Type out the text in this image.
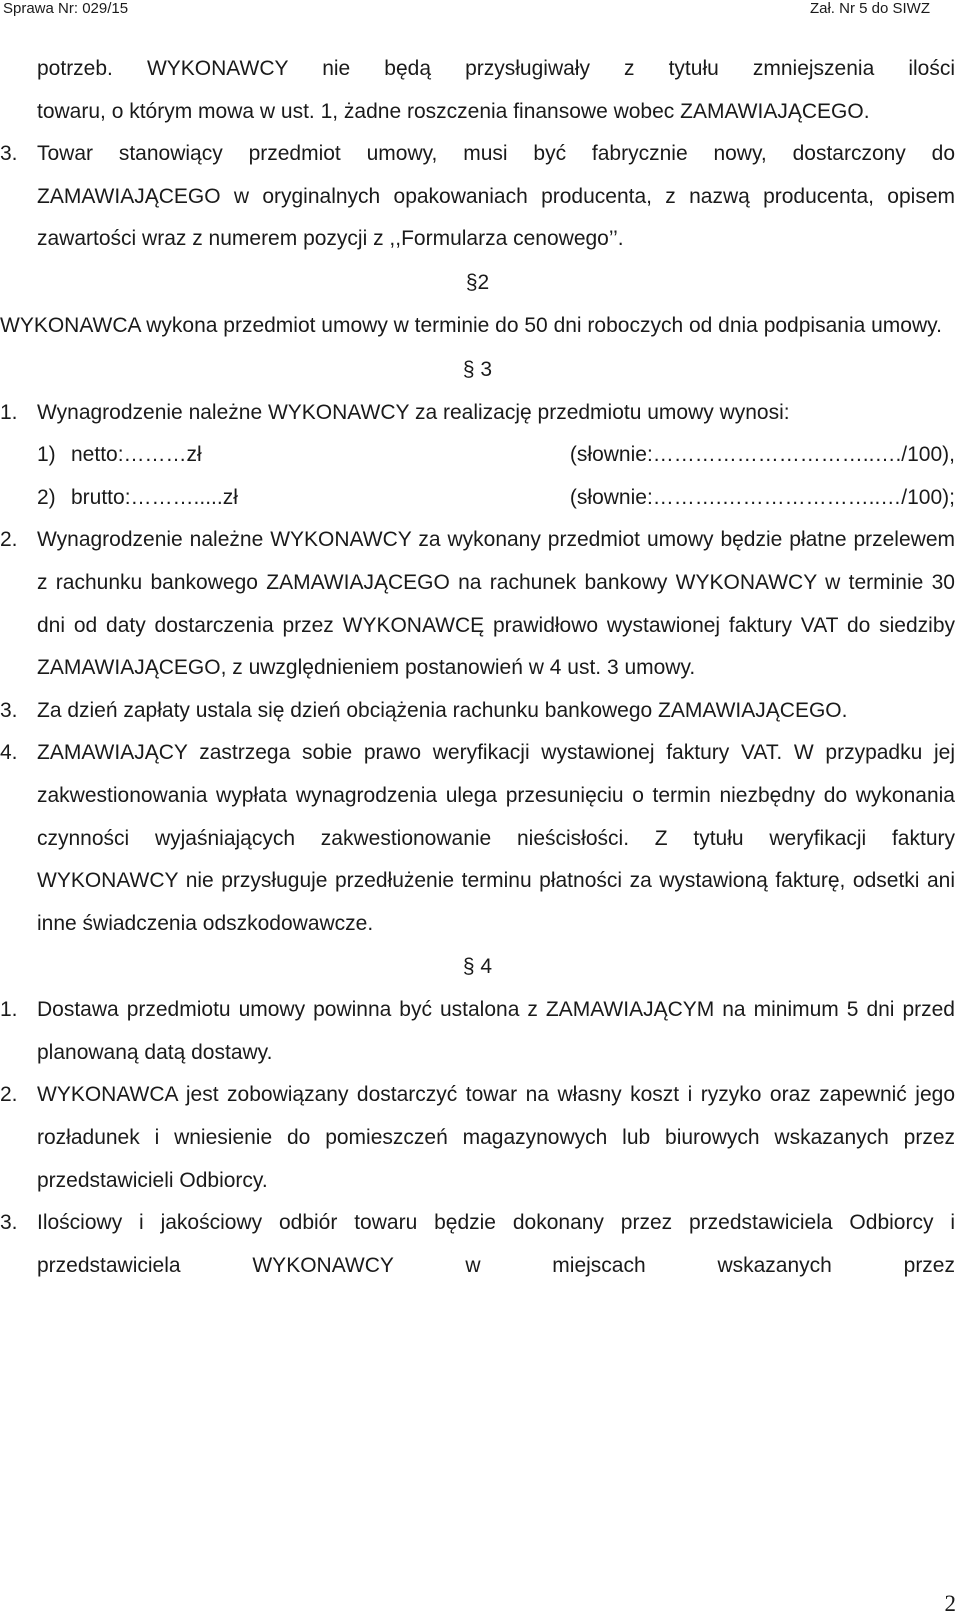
Sprawa Nr: 029/15	Zał. Nr 5 do SIWZ
potrzeb. WYKONAWCY nie będą przysługiwały z tytułu zmniejszenia ilości
towaru, o którym mowa w ust. 1, żadne roszczenia finansowe wobec ZAMAWIAJĄCEGO.
3. Towar stanowiący przedmiot umowy, musi być fabrycznie nowy, dostarczony do ZAMAWIAJĄCEGO w oryginalnych opakowaniach producenta, z nazwą producenta, opisem zawartości wraz z numerem pozycji z ,,Formularza cenowego’’.
§2
WYKONAWCA wykona przedmiot umowy w terminie do 50 dni roboczych od dnia podpisania umowy.
§ 3
1. Wynagrodzenie należne WYKONAWCY za realizację przedmiotu umowy wynosi:
1) netto:………zł (słownie:…………………………..…./100),
2) brutto:……….....zł (słownie:……….…………………..…/100);
2. Wynagrodzenie należne WYKONAWCY za wykonany przedmiot umowy będzie płatne przelewem z rachunku bankowego ZAMAWIAJĄCEGO na rachunek bankowy WYKONAWCY w terminie 30 dni od daty dostarczenia przez WYKONAWCĘ prawidłowo wystawionej faktury VAT do siedziby ZAMAWIAJĄCEGO, z uwzględnieniem postanowień w 4 ust. 3 umowy.
3. Za dzień zapłaty ustala się dzień obciążenia rachunku bankowego ZAMAWIAJĄCEGO.
4. ZAMAWIAJĄCY zastrzega sobie prawo weryfikacji wystawionej faktury VAT. W przypadku jej zakwestionowania wypłata wynagrodzenia ulega przesunięciu o termin niezbędny do wykonania czynności wyjaśniających zakwestionowanie nieścisłości. Z tytułu weryfikacji faktury WYKONAWCY nie przysługuje przedłużenie terminu płatności za wystawioną fakturę, odsetki ani inne świadczenia odszkodowawcze.
§ 4
1. Dostawa przedmiotu umowy powinna być ustalona z ZAMAWIAJĄCYM na minimum 5 dni przed planowaną datą dostawy.
2. WYKONAWCA jest zobowiązany dostarczyć towar na własny koszt i ryzyko oraz zapewnić jego rozładunek i wniesienie do pomieszczeń magazynowych lub biurowych wskazanych przez przedstawicieli Odbiorcy.
3. Ilościowy i jakościowy odbiór towaru będzie dokonany przez przedstawiciela Odbiorcy i przedstawiciela WYKONAWCY w miejscach wskazanych przez
2
